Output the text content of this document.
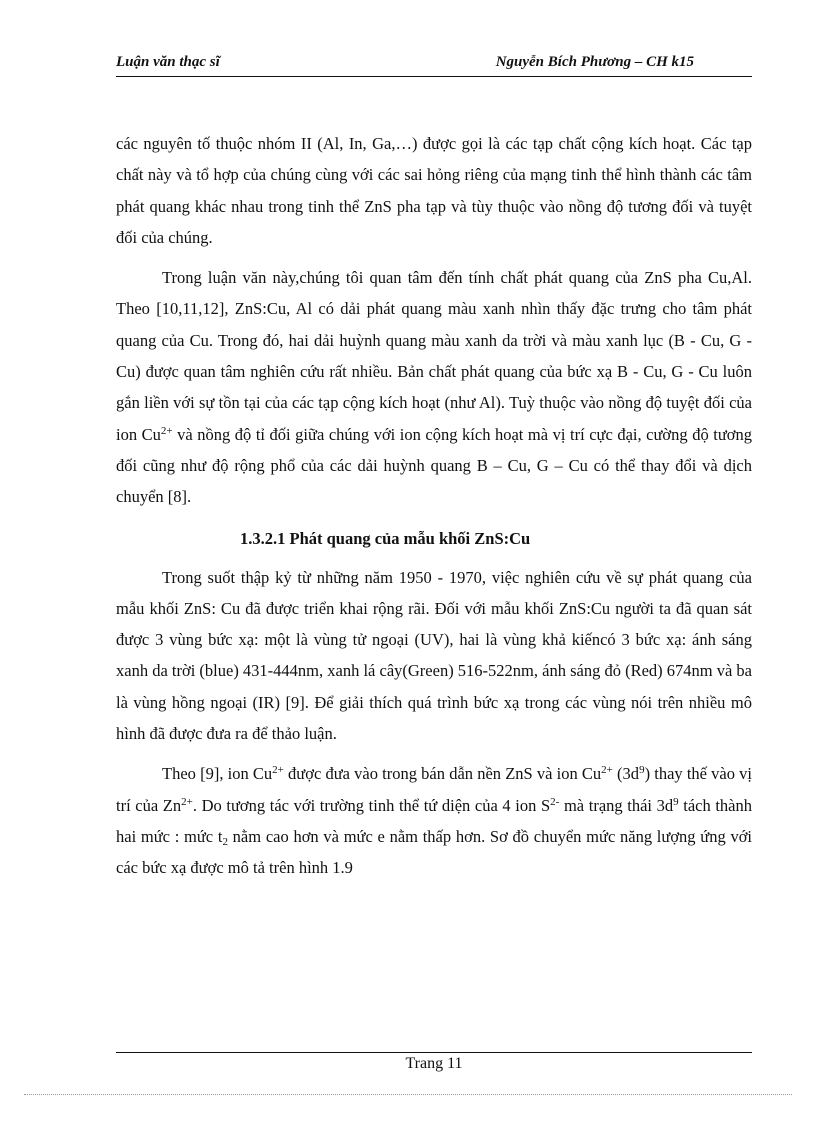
Luận văn thạc sĩ	Nguyễn Bích Phương – CH k15

các nguyên tố thuộc nhóm II (Al, In, Ga,…) được gọi là các tạp chất cộng kích hoạt. Các tạp chất này và tổ hợp của chúng cùng với các sai hỏng riêng của mạng tinh thể hình thành các tâm phát quang khác nhau trong tinh thể ZnS pha tạp và tùy thuộc vào nồng độ tương đối và tuyệt đối của chúng.

Trong luận văn này,chúng tôi quan tâm đến tính chất phát quang của ZnS pha Cu,Al. Theo [10,11,12], ZnS:Cu, Al có dải phát quang màu xanh nhìn thấy đặc trưng cho tâm phát quang của Cu. Trong đó, hai dải huỳnh quang màu xanh da trời và màu xanh lục (B - Cu, G - Cu) được quan tâm nghiên cứu rất nhiều. Bản chất phát quang của bức xạ B - Cu, G - Cu luôn gắn liền với sự tồn tại của các tạp cộng kích hoạt (như Al). Tuỳ thuộc vào nồng độ tuyệt đối của ion $Cu^{2+}$ và nồng độ tỉ đối giữa chúng với ion cộng kích hoạt mà vị trí cực đại, cường độ tương đối cũng như độ rộng phổ của các dải huỳnh quang B – Cu, G – Cu có thể thay đổi và dịch chuyển [8].

1.3.2.1 Phát quang của mẫu khối ZnS:Cu

Trong suốt thập kỷ từ những năm 1950 - 1970, việc nghiên cứu về sự phát quang của mẫu khối ZnS: Cu đã được triển khai rộng rãi. Đối với mẫu khối ZnS:Cu người ta đã quan sát được 3 vùng bức xạ: một là vùng tử ngoại (UV), hai là vùng khả kiếncó 3 bức xạ: ánh sáng xanh da trời (blue) 431-444nm, xanh lá cây(Green) 516-522nm, ánh sáng đỏ (Red) 674nm và ba là vùng hồng ngoại (IR) [9]. Để giải thích quá trình bức xạ trong các vùng nói trên nhiều mô hình đã được đưa ra để thảo luận.

Theo [9], ion $Cu^{2+}$ được đưa vào trong bán dẫn nền ZnS và ion $Cu^{2+}$ $(3d^9)$ thay thế vào vị trí của $Zn^{2+}$. Do tương tác với trường tinh thể tứ diện của 4 ion $S^{2-}$ mà trạng thái $3d^9$ tách thành hai mức : mức $t_2$ nằm cao hơn và mức e nằm thấp hơn. Sơ đồ chuyển mức năng lượng ứng với các bức xạ được mô tả trên hình 1.9

Trang 11
